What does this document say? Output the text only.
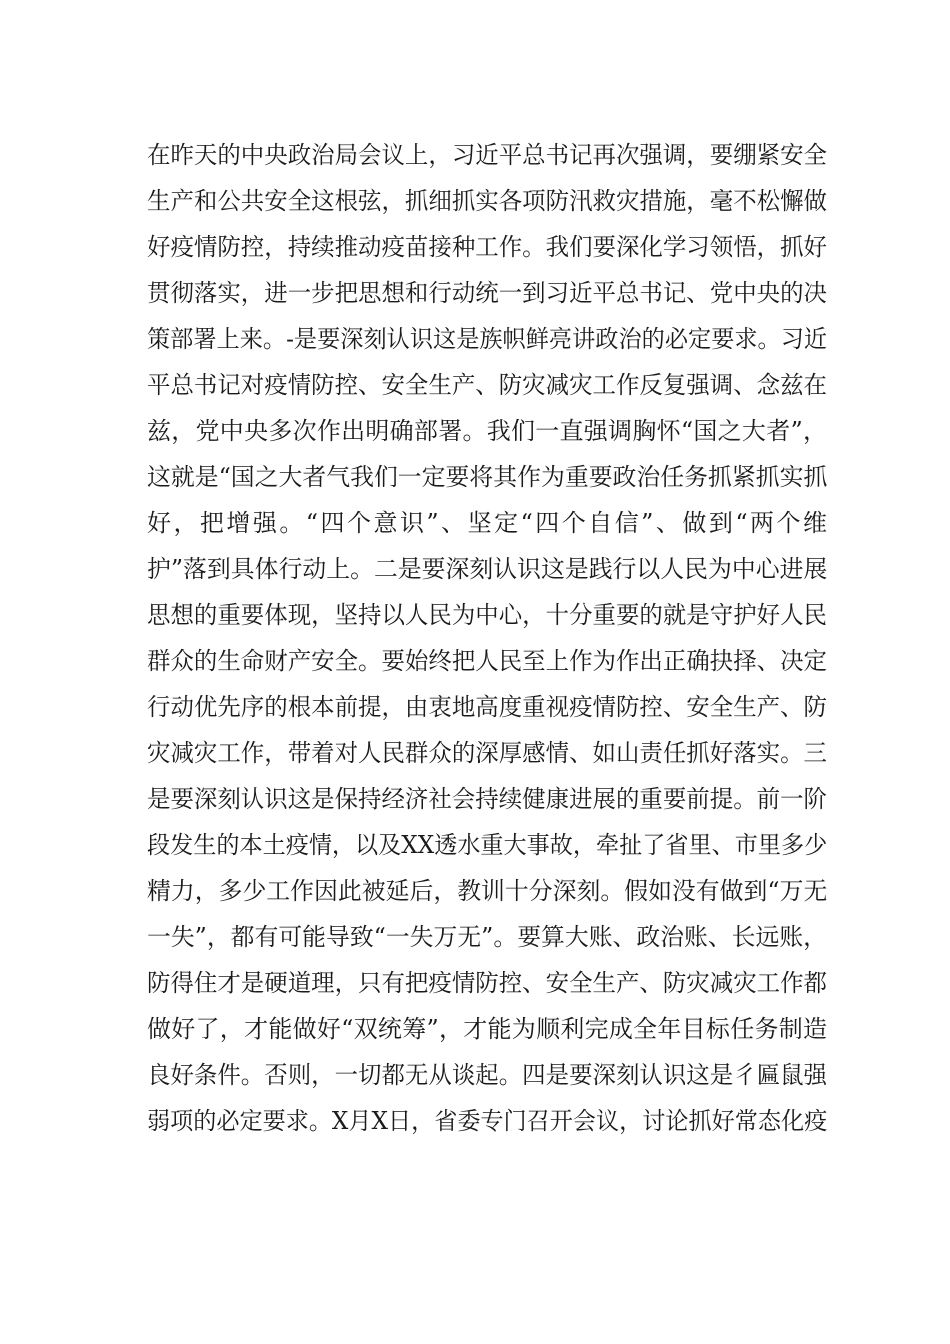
在昨天的中央政治局会议上，习近平总书记再次强调，要绷紧安全
生产和公共安全这根弦，抓细抓实各项防汛救灾措施，毫不松懈做
好疫情防控，持续推动疫苗接种工作。我们要深化学习领悟，抓好
贯彻落实，进一步把思想和行动统一到习近平总书记、党中央的决
策部署上来。-是要深刻认识这是族帜鲜亮讲政治的必定要求。习近
平总书记对疫情防控、安全生产、防灾减灾工作反复强调、念兹在
兹，党中央多次作出明确部署。我们一直强调胸怀“国之大者”，
这就是“国之大者气我们一定要将其作为重要政治任务抓紧抓实抓
好，把增强。“四个意识”、坚定“四个自信”、做到“两个维
护”落到具体行动上。二是要深刻认识这是践行以人民为中心进展
思想的重要体现，坚持以人民为中心，十分重要的就是守护好人民
群众的生命财产安全。要始终把人民至上作为作出正确抉择、决定
行动优先序的根本前提，由衷地高度重视疫情防控、安全生产、防
灾减灾工作，带着对人民群众的深厚感情、如山责任抓好落实。三
是要深刻认识这是保持经济社会持续健康进展的重要前提。前一阶
段发生的本土疫情，以及XX透水重大事故，牵扯了省里、市里多少
精力，多少工作因此被延后，教训十分深刻。假如没有做到“万无
一失”，都有可能导致“一失万无”。要算大账、政治账、长远账，
防得住才是硬道理，只有把疫情防控、安全生产、防灾减灾工作都
做好了，才能做好“双统筹”，才能为顺利完成全年目标任务制造
良好条件。否则，一切都无从谈起。四是要深刻认识这是彳匾鼠强
弱项的必定要求。X月X日，省委专门召开会议，讨论抓好常态化疫
